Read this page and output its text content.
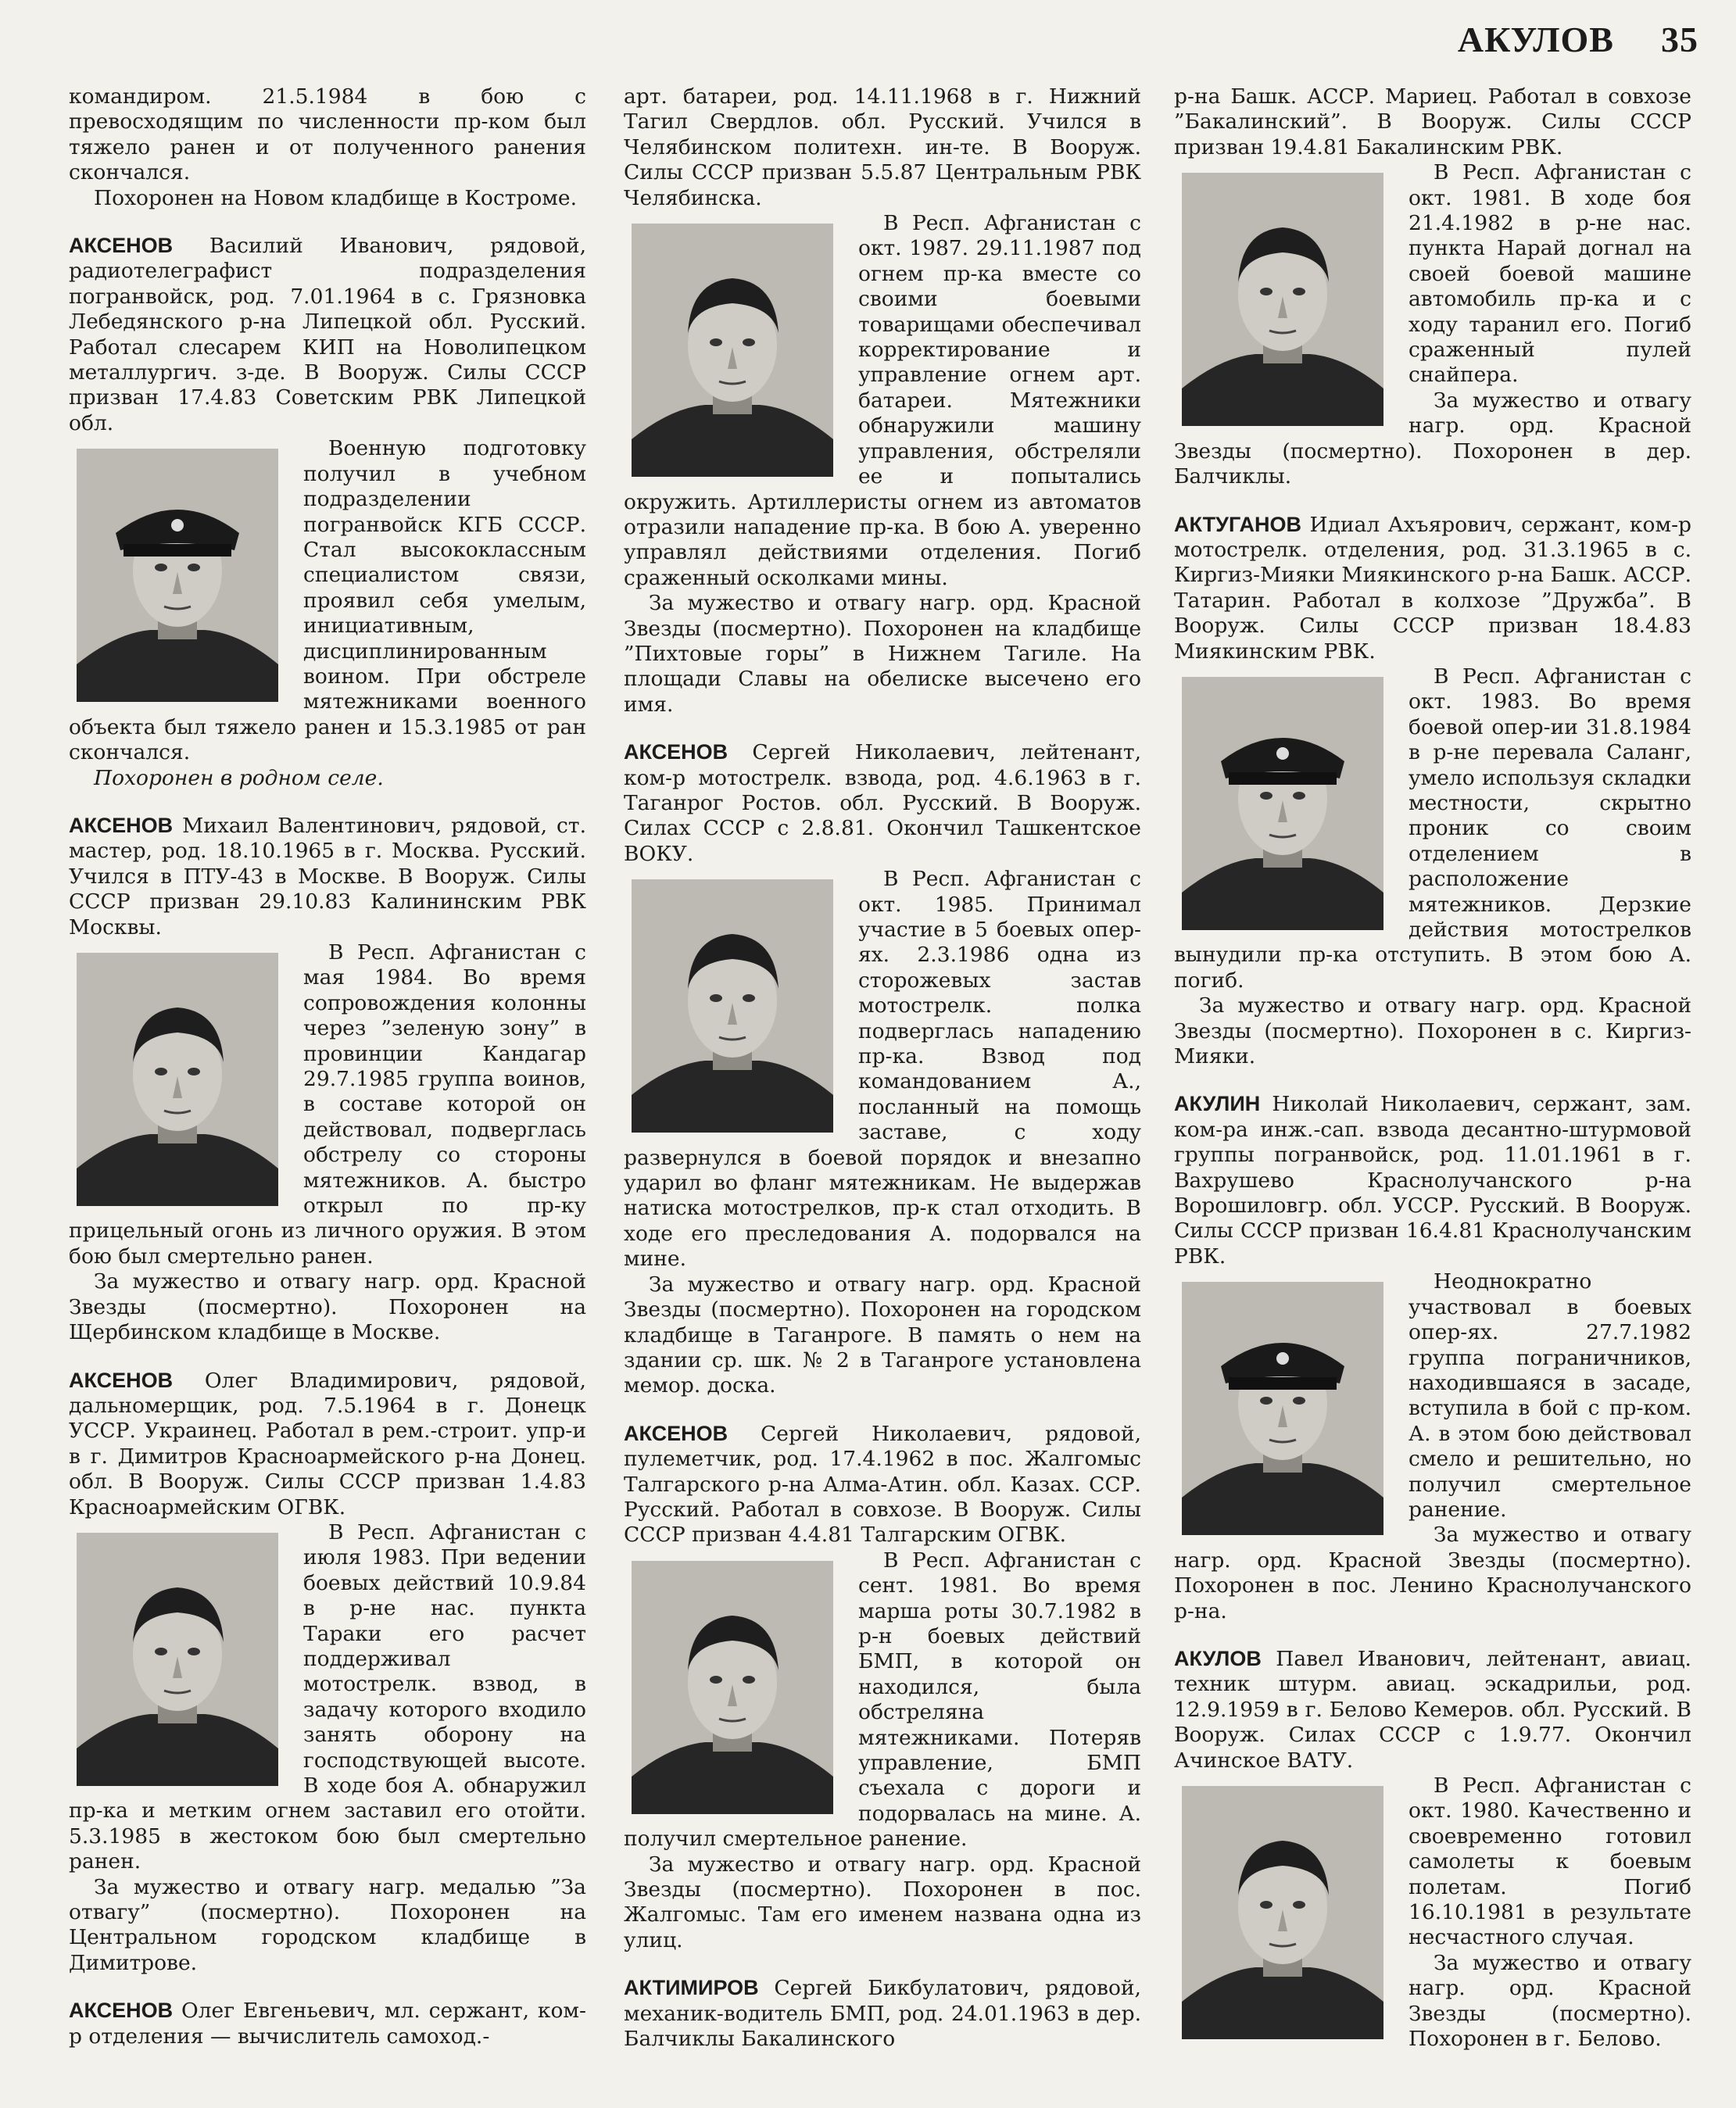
АКУЛОВ 35

командиром. 21.5.1984 в бою с превосходящим по численности пр-ком был тяжело ранен и от полученного ранения скончался.

Похоронен на Новом кладбище в Костроме.

АКСЕНОВ Василий Иванович, рядовой, радиотелеграфист подразделения погранвойск, род. 7.01.1964 в с. Грязновка Лебедянского р-на Липецкой обл. Русский. Работал слесарем КИП на Новолипецком металлургич. з-де. В Вооруж. Силы СССР призван 17.4.83 Советским РВК Липецкой обл.

Военную подготовку получил в учебном подразделении погранвойск КГБ СССР. Стал высококлассным специалистом связи, проявил себя умелым, инициативным, дисциплинированным воином. При обстреле мятежниками военного объекта был тяжело ранен и 15.3.1985 от ран скончался.

Похоронен в родном селе.

АКСЕНОВ Михаил Валентинович, рядовой, ст. мастер, род. 18.10.1965 в г. Москва. Русский. Учился в ПТУ-43 в Москве. В Вооруж. Силы СССР призван 29.10.83 Калининским РВК Москвы.

В Респ. Афганистан с мая 1984. Во время сопровождения колонны через ”зеленую зону” в провинции Кандагар 29.7.1985 группа воинов, в составе которой он действовал, подверглась обстрелу со стороны мятежников. А. быстро открыл по пр-ку прицельный огонь из личного оружия. В этом бою был смертельно ранен.

За мужество и отвагу нагр. орд. Красной Звезды (посмертно). Похоронен на Щербинском кладбище в Москве.

АКСЕНОВ Олег Владимирович, рядовой, дальномерщик, род. 7.5.1964 в г. Донецк УССР. Украинец. Работал в рем.-строит. упр-и в г. Димитров Красноармейского р-на Донец. обл. В Вооруж. Силы СССР призван 1.4.83 Красноармейским ОГВК.

В Респ. Афганистан с июля 1983. При ведении боевых действий 10.9.84 в р-не нас. пункта Тараки его расчет поддерживал мотострелк. взвод, в задачу которого входило занять оборону на господствующей высоте. В ходе боя А. обнаружил пр-ка и метким огнем заставил его отойти. 5.3.1985 в жестоком бою был смертельно ранен.

За мужество и отвагу нагр. медалью ”За отвагу” (посмертно). Похоронен на Центральном городском кладбище в Димитрове.

АКСЕНОВ Олег Евгеньевич, мл. сержант, ком-р отделения — вычислитель самоход.-

арт. батареи, род. 14.11.1968 в г. Нижний Тагил Свердлов. обл. Русский. Учился в Челябинском политехн. ин-те. В Вооруж. Силы СССР призван 5.5.87 Центральным РВК Челябинска.

В Респ. Афганистан с окт. 1987. 29.11.1987 под огнем пр-ка вместе со своими боевыми товарищами обеспечивал корректирование и управление огнем арт. батареи. Мятежники обнаружили машину управления, обстреляли ее и попытались окружить. Артиллеристы огнем из автоматов отразили нападение пр-ка. В бою А. уверенно управлял действиями отделения. Погиб сраженный осколками мины.

За мужество и отвагу нагр. орд. Красной Звезды (посмертно). Похоронен на кладбище ”Пихтовые горы” в Нижнем Тагиле. На площади Славы на обелиске высечено его имя.

АКСЕНОВ Сергей Николаевич, лейтенант, ком-р мотострелк. взвода, род. 4.6.1963 в г. Таганрог Ростов. обл. Русский. В Вооруж. Силах СССР с 2.8.81. Окончил Ташкентское ВОКУ.

В Респ. Афганистан с окт. 1985. Принимал участие в 5 боевых опер-ях. 2.3.1986 одна из сторожевых застав мотострелк. полка подверглась нападению пр-ка. Взвод под командованием А., посланный на помощь заставе, с ходу развернулся в боевой порядок и внезапно ударил во фланг мятежникам. Не выдержав натиска мотострелков, пр-к стал отходить. В ходе его преследования А. подорвался на мине.

За мужество и отвагу нагр. орд. Красной Звезды (посмертно). Похоронен на городском кладбище в Таганроге. В память о нем на здании ср. шк. № 2 в Таганроге установлена мемор. доска.

АКСЕНОВ Сергей Николаевич, рядовой, пулеметчик, род. 17.4.1962 в пос. Жалгомыс Талгарского р-на Алма-Атин. обл. Казах. ССР. Русский. Работал в совхозе. В Вооруж. Силы СССР призван 4.4.81 Талгарским ОГВК.

В Респ. Афганистан с сент. 1981. Во время марша роты 30.7.1982 в р-н боевых действий БМП, в которой он находился, была обстреляна мятежниками. Потеряв управление, БМП съехала с дороги и подорвалась на мине. А. получил смертельное ранение.

За мужество и отвагу нагр. орд. Красной Звезды (посмертно). Похоронен в пос. Жалгомыс. Там его именем названа одна из улиц.

АКТИМИРОВ Сергей Бикбулатович, рядовой, механик-водитель БМП, род. 24.01.1963 в дер. Балчиклы Бакалинского

р-на Башк. АССР. Мариец. Работал в совхозе ”Бакалинский”. В Вооруж. Силы СССР призван 19.4.81 Бакалинским РВК.

В Респ. Афганистан с окт. 1981. В ходе боя 21.4.1982 в р-не нас. пункта Нарай догнал на своей боевой машине автомобиль пр-ка и с ходу таранил его. Погиб сраженный пулей снайпера.

За мужество и отвагу нагр. орд. Красной Звезды (посмертно). Похоронен в дер. Балчиклы.

АКТУГАНОВ Идиал Ахъярович, сержант, ком-р мотострелк. отделения, род. 31.3.1965 в с. Киргиз-Мияки Миякинского р-на Башк. АССР. Татарин. Работал в колхозе ”Дружба”. В Вооруж. Силы СССР призван 18.4.83 Миякинским РВК.

В Респ. Афганистан с окт. 1983. Во время боевой опер-ии 31.8.1984 в р-не перевала Саланг, умело используя складки местности, скрытно проник со своим отделением в расположение мятежников. Дерзкие действия мотострелков вынудили пр-ка отступить. В этом бою А. погиб.

За мужество и отвагу нагр. орд. Красной Звезды (посмертно). Похоронен в с. Киргиз-Мияки.

АКУЛИН Николай Николаевич, сержант, зам. ком-ра инж.-сап. взвода десантно-штурмовой группы погранвойск, род. 11.01.1961 в г. Вахрушево Краснолучанского р-на Ворошиловгр. обл. УССР. Русский. В Вооруж. Силы СССР призван 16.4.81 Краснолучанским РВК.

Неоднократно участвовал в боевых опер-ях. 27.7.1982 группа пограничников, находившаяся в засаде, вступила в бой с пр-ком. А. в этом бою действовал смело и решительно, но получил смертельное ранение.

За мужество и отвагу нагр. орд. Красной Звезды (посмертно). Похоронен в пос. Ленино Краснолучанского р-на.

АКУЛОВ Павел Иванович, лейтенант, авиац. техник штурм. авиац. эскадрильи, род. 12.9.1959 в г. Белово Кемеров. обл. Русский. В Вооруж. Силах СССР с 1.9.77. Окончил Ачинское ВАТУ.

В Респ. Афганистан с окт. 1980. Качественно и своевременно готовил самолеты к боевым полетам. Погиб 16.10.1981 в результате несчастного случая.

За мужество и отвагу нагр. орд. Красной Звезды (посмертно). Похоронен в г. Белово.
